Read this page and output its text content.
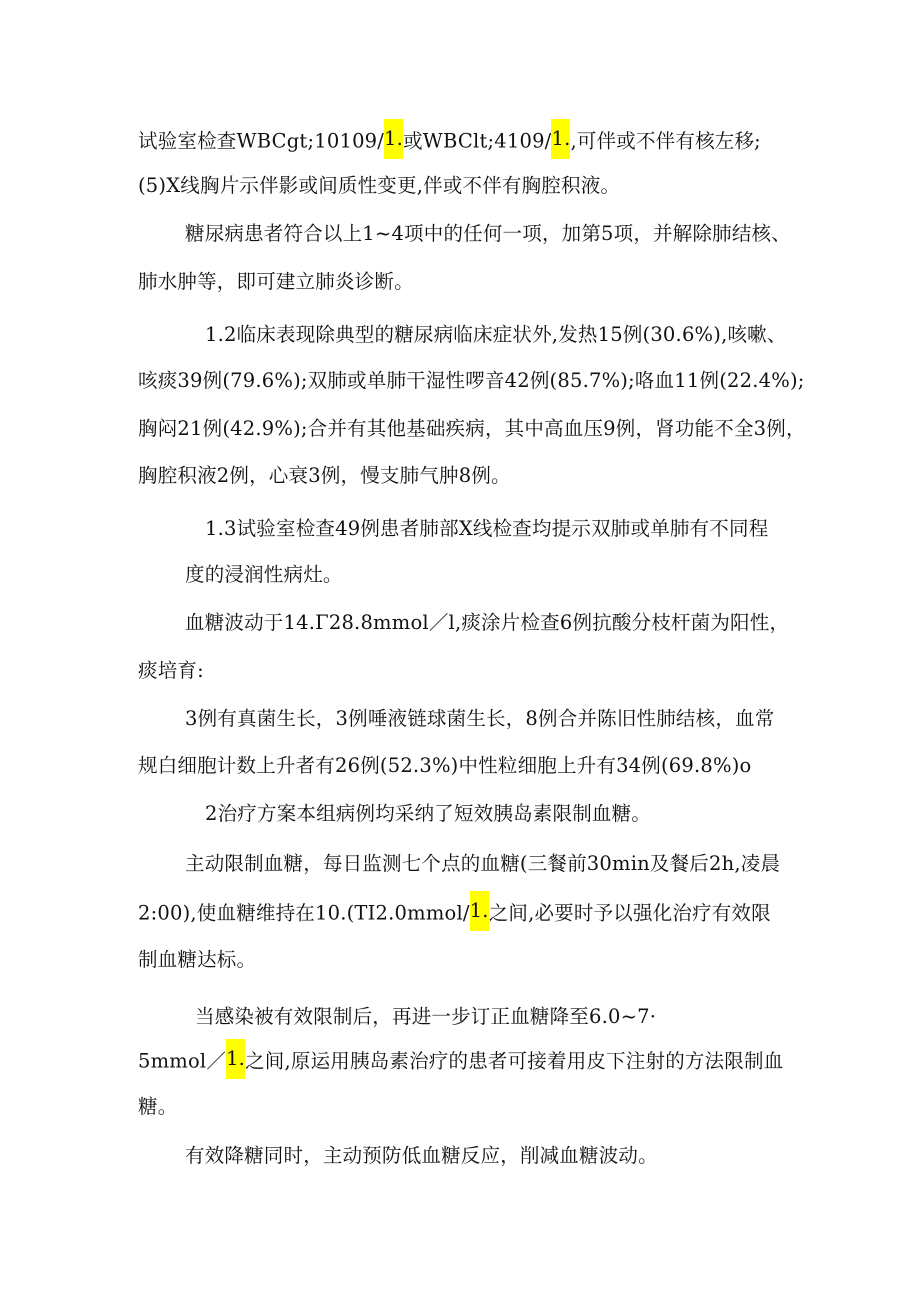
试验室检查WBCgt;10109/1.或WBClt;4109/1.,可伴或不伴有核左移;
(5)X线胸片示伴影或间质性变更,伴或不伴有胸腔积液。
糖尿病患者符合以上1~4项中的任何一项，加第5项，并解除肺结核、
肺水肿等，即可建立肺炎诊断。
1.2临床表现除典型的糖尿病临床症状外,发热15例(30.6%),咳嗽、
咳痰39例(79.6%);双肺或单肺干湿性啰音42例(85.7%);咯血11例(22.4%);
胸闷21例(42.9%);合并有其他基础疾病，其中高血压9例，肾功能不全3例，
胸腔积液2例，心衰3例，慢支肺气肿8例。
1.3试验室检查49例患者肺部X线检查均提示双肺或单肺有不同程
度的浸润性病灶。
血糖波动于14.Γ28.8mmol／l,痰涂片检查6例抗酸分枝杆菌为阳性，
痰培育:
3例有真菌生长，3例唾液链球菌生长，8例合并陈旧性肺结核，血常
规白细胞计数上升者有26例(52.3%)中性粒细胞上升有34例(69.8%)o
2治疗方案本组病例均采纳了短效胰岛素限制血糖。
主动限制血糖，每日监测七个点的血糖(三餐前30min及餐后2h,凌晨
2:00),使血糖维持在10.(TI2.0mmol/1.之间,必要时予以强化治疗有效限
制血糖达标。
当感染被有效限制后，再进一步订正血糖降至6.0~7·
5mmol／1.之间,原运用胰岛素治疗的患者可接着用皮下注射的方法限制血
糖。
有效降糖同时，主动预防低血糖反应，削减血糖波动。
